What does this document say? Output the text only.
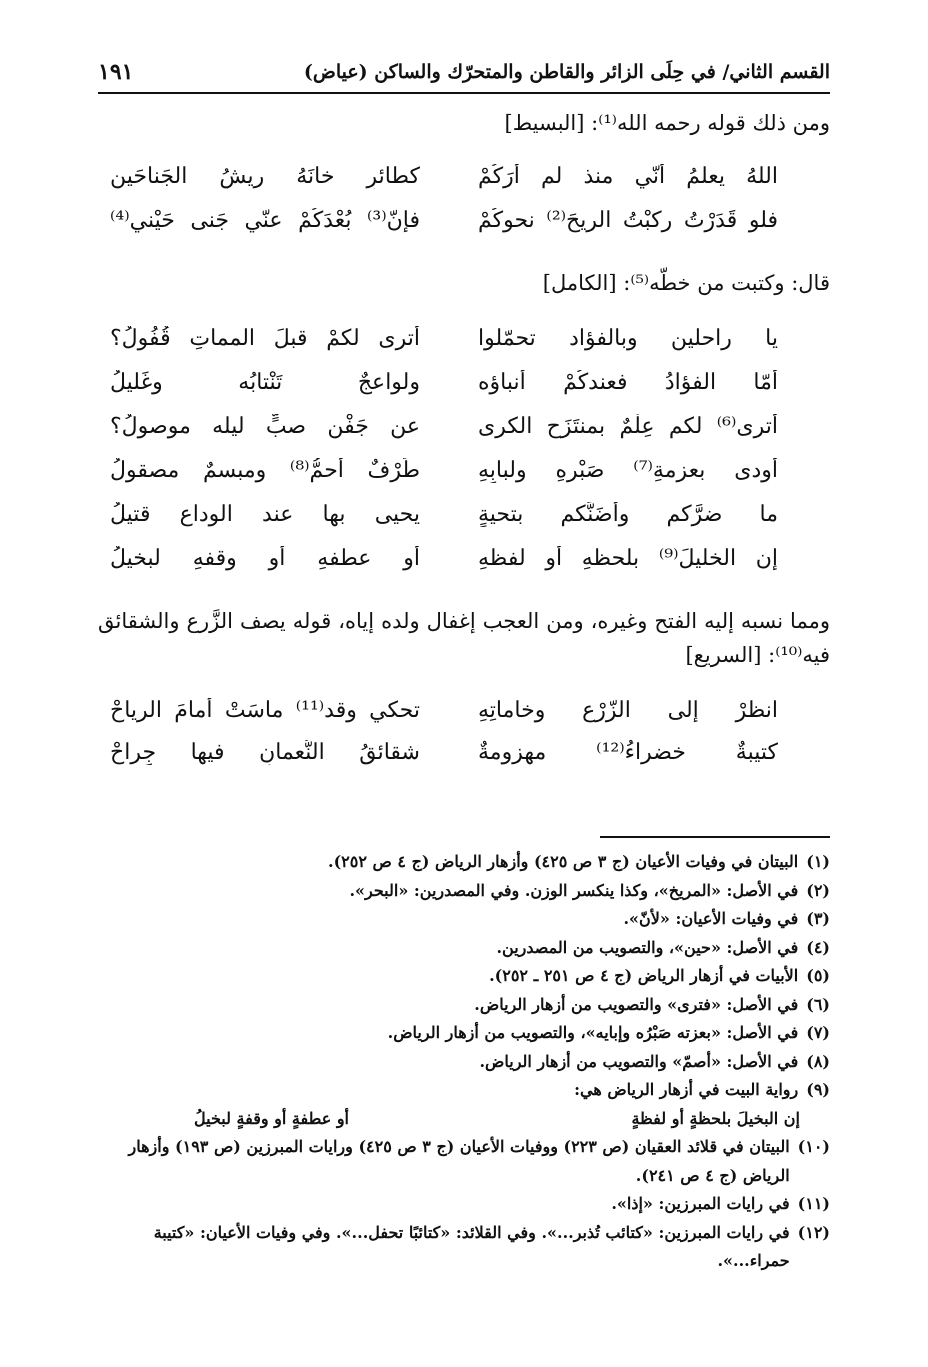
القسم الثاني/ في حِلَى الزائر والقاطن والمتحرّك والساكن (عياض)
١٩١

ومن ذلك قوله رحمه الله⁽¹⁾: [البسيط]

اللهُ يعلمُ أنّي منذ لم أرَكُمْ
كطائرٍ خانَهُ ريشُ الجَناحَينِ
فلو قَدَرْتُ ركبْتُ الرِيحَ⁽²⁾ نحوكُمْ
فإنّ⁽³⁾ بُعْدَكُمْ عنّي جَنى حَيْني⁽⁴⁾

قال: وكتبت من خطّه⁽⁵⁾: [الكامل]

يا راحلين وبالفؤاد تحمّلوا
أترى لكمْ قبلَ المماتِ قُفُولُ؟
أمّا الفؤادُ فعندكُمْ أنباؤه
ولواعجٌ تَنْتابُه وغَليلُ
أترى⁽⁶⁾ لكم عِلْمٌ بمنتَزَحِ الكرى
عن جَفْنِ صبٍّ ليله موصولُ؟
أودى بعزمةِ⁽⁷⁾ صَبْرِهِ ولبابِهِ
طَرْفٌ أحمُّ⁽⁸⁾ ومبسمٌ مصقولُ
ما ضرَّكم وأضَنَّكم بتحيةٍ
يحيى بها عند الوداعِ قتيلُ
إن الخليلَ⁽⁹⁾ بلحظهِ أو لفظهِ
أو عطفهِ أو وقفهِ لبخيلُ

ومما نسبه إليه الفتح وغيره، ومن العجب إغفال ولده إياه، قوله يصف الزَّرع والشقائق فيه⁽¹⁰⁾: [السريع]

انظرْ إلى الزّرْعِ وخاماتِهِ
تحكي وقد⁽¹¹⁾ ماسَتْ أمامَ الرياحْ
كتيبةٌ خضراءُ⁽¹²⁾ مهزومةٌ
شقائقُ النُّعمانِ فيها جِراحْ
(١)
البيتان في وفيات الأعيان (ج ٣ ص ٤٢٥) وأزهار الرياض (ج ٤ ص ٢٥٢).
(٢)
في الأصل: «المريخ»، وكذا ينكسر الوزن. وفي المصدرين: «البحر».
(٣)
في وفيات الأعيان: «لأنّ».
(٤)
في الأصل: «حين»، والتصويب من المصدرين.
(٥)
الأبيات في أزهار الرياض (ج ٤ ص ٢٥١ ـ ٢٥٢).
(٦)
في الأصل: «فترى» والتصويب من أزهار الرياض.
(٧)
في الأصل: «بعزته صَبْرُه وإبايه»، والتصويب من أزهار الرياض.
(٨)
في الأصل: «أصمّ» والتصويب من أزهار الرياض.
(٩)
رواية البيت في أزهار الرياض هي:
إن البخيلَ بلحظةٍ أو لفظةٍ
أو عطفةٍ أو وقفةٍ لبخيلُ
(١٠)
البيتان في قلائد العقيان (ص ٢٢٣) ووفيات الأعيان (ج ٣ ص ٤٢٥) ورايات المبرزين (ص ١٩٣) وأزهار الرياض (ج ٤ ص ٢٤١).
(١١)
في رايات المبرزين: «إذا».
(١٢)
في رايات المبرزين: «كتائب تُذبر...». وفي القلائد: «كتائبًا تحفل...». وفي وفيات الأعيان: «كتيبة حمراء...».
